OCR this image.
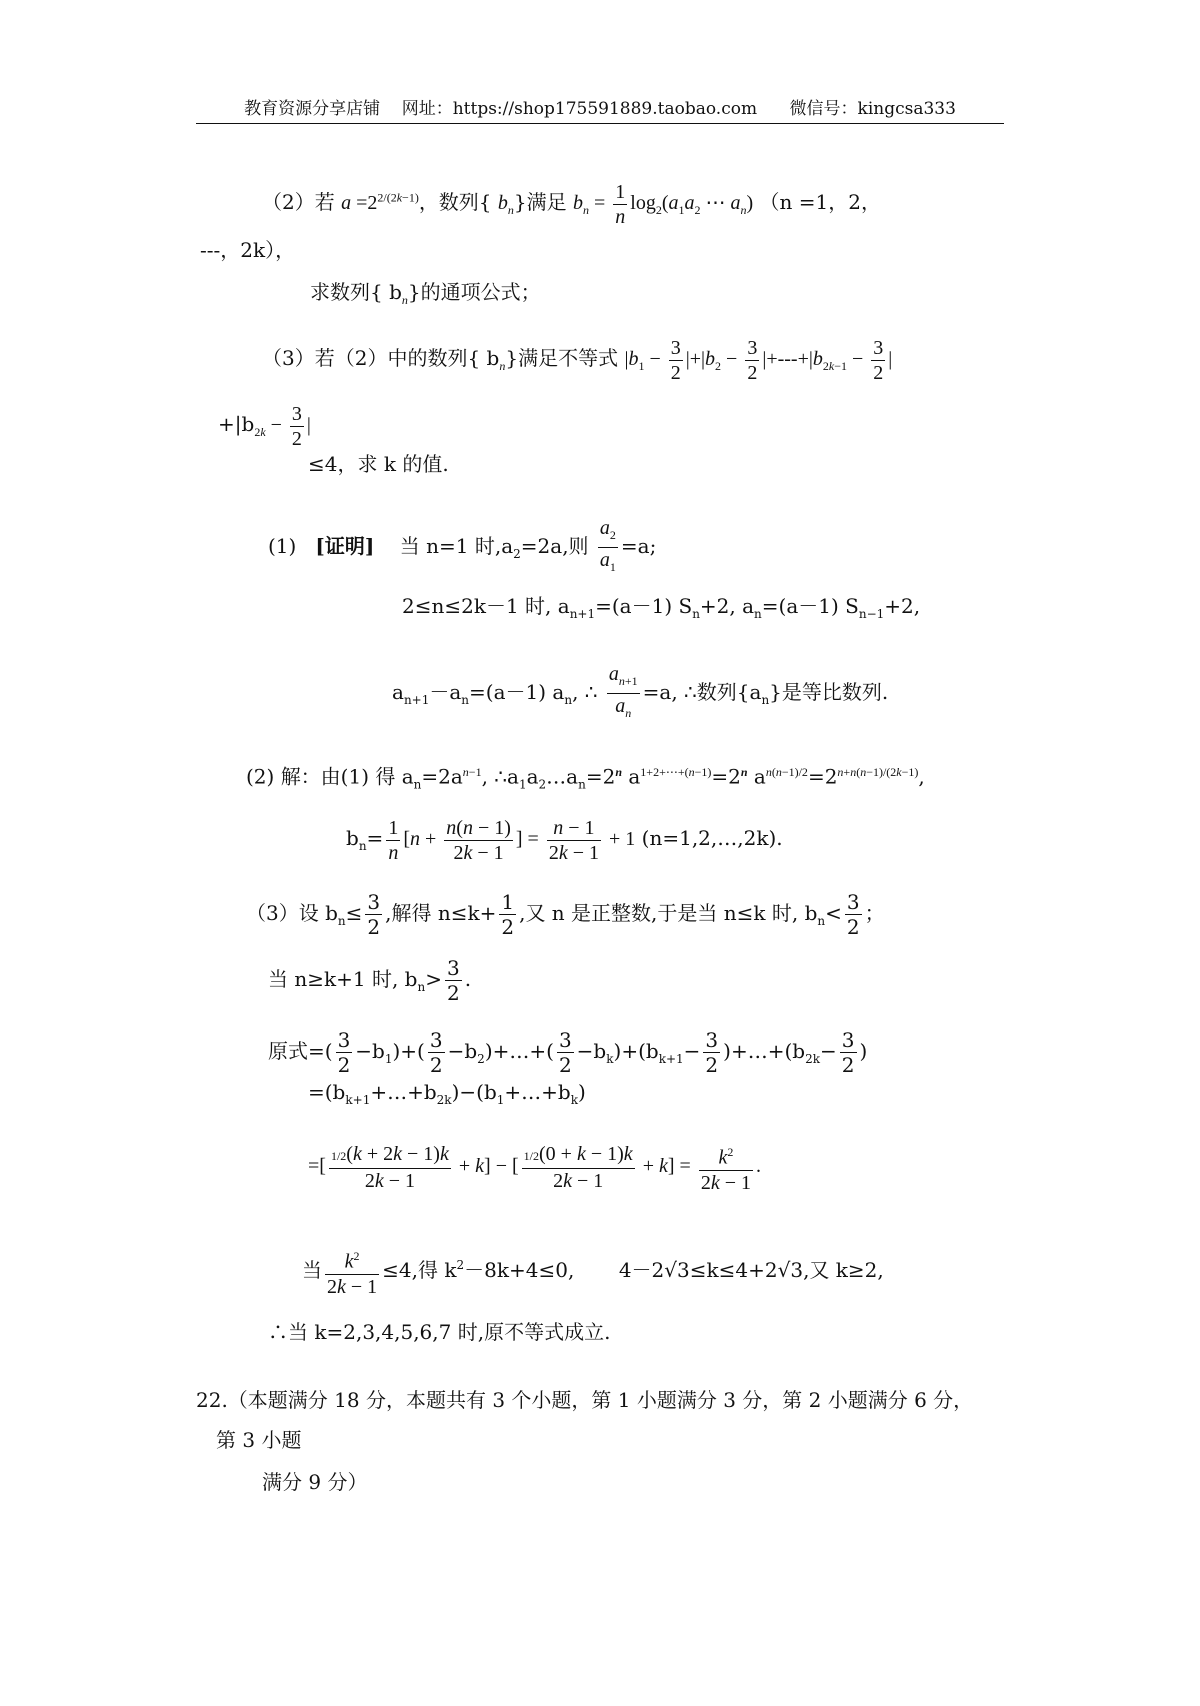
教育资源分享店铺 网址：https://shop175591889.taobao.com 微信号：kingcsa333
（2）若 $a =2^{2/(2k-1)}$，数列{ $b_n$}满足 $b_n = \frac{1}{n} \log_2(a_1a_2$ ⋯ $a_n$) （n =1，2，
---，2k），
求数列{ $b_n$}的通项公式；
（3）若（2）中的数列{ $b_n$}满足不等式 $|b_1 - \frac{3}{2} |+|b_2 - \frac{3}{2} |+---+|b_{2k-1} - \frac{3}{2}$ |
$+|b_{2k} - \frac{3}{2}$ |
≤4，求 k 的值.
(1) [证明] 当 n=1 时$,a_2=2a$,则 $\frac{a_2}{a_1} =a$;
2≤n≤2k－1 时, $a_{n+1}=(a-1)$ $S_n+2$, $a_n=(a-1)$ $S_{n-1}+2$,
$a_{n+1}-a_n=(a-1)$ $a_n$, ∴ $\frac{a_{n+1}}{a_n} =a$, ∴数列$\{a_n\}$是等比数列.
(2) 解：由(1) 得 $a_n=2a^{n-1}$, $\therefore a_1a_2\dots a_n=2^n$ $a^{1+2+\cdots+(n-1)}=2^n$ $a^{n(n-1)/2}=2^{n+n(n-1)/(2k-1)}$,
$b_n= \frac{1}{n} [n + \frac{n(n - 1)}{2k - 1}$ ] = $\frac{n - 1}{2k - 1} + 1$ (n=1,2,…,2k).
（3）设 $b_n\le \frac{3}{2}$ ,解得 $n\le k+ \frac{1}{2}$ ,又 n 是正整数,于是当 n≤k 时, $b_n< \frac{3}{2}$ ；
当 n≥k+1 时, $b_n> \frac{3}{2}$ .
原式=( $\frac{3}{2} -b_1)+( \frac{3}{2}$ $-b_2)+\dots+( \frac{3}{2} -b_k)+(b_{k+1}- \frac{3}{2}$ )$+\dots+(b_{2k}- \frac{3}{2}$ )
$=(b_{k+1}+\dots+b_{2k})-(b_1+\dots+b_k)$
=[ $\frac{1/2(k + 2k - 1)k}{2k - 1} + k$] − [ $\frac{1/2(0 + k - 1)k}{2k - 1} + k] = \frac{k^2}{2k - 1}$ .
当 $\frac{k^2}{2k - 1} \le 4$,得 $k^2-8k+4\le 0$, 4－2√3≤k≤4+2√3,又 k≥2,
∴当 k=2,3,4,5,6,7 时,原不等式成立.
22.（本题满分 18 分，本题共有 3 个小题，第 1 小题满分 3 分，第 2 小题满分 6 分，
第 3 小题
满分 9 分）
